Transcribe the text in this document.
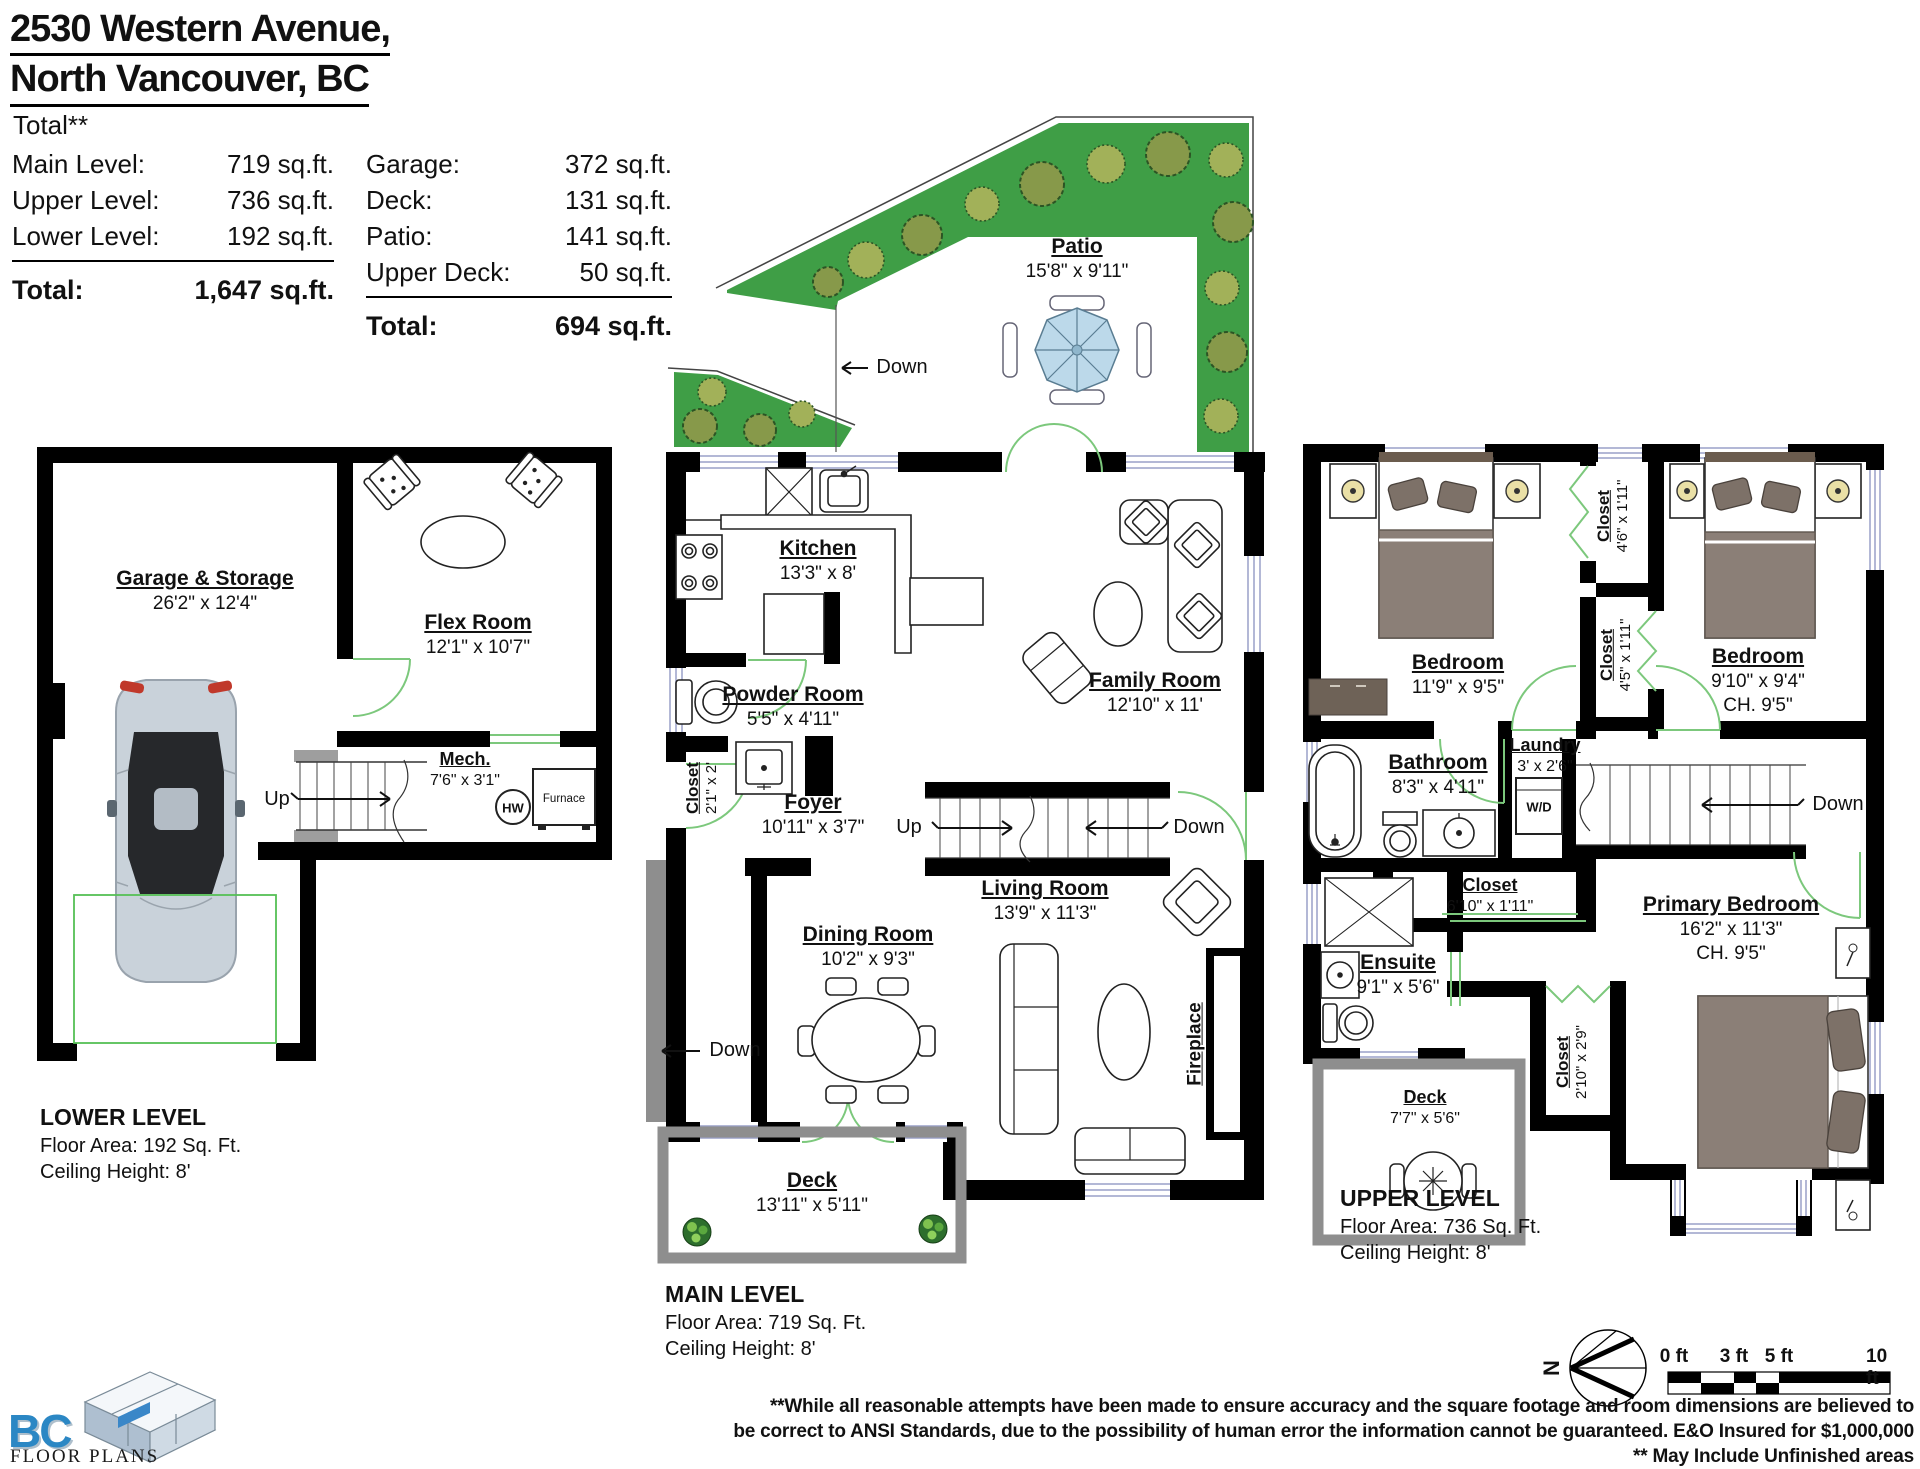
2530 Western Avenue,
North Vancouver, BC
Total**
Main Level:	719 sq.ft.
Upper Level:	736 sq.ft.
Lower Level:	192 sq.ft.
Total:	1,647 sq.ft.
Garage:	372 sq.ft.
Deck:	131 sq.ft.
Patio:	141 sq.ft.
Upper Deck:	50 sq.ft.
Total:	694 sq.ft.
Garage & Storage
26'2" x 12'4"
Flex Room
12'1" x 10'7"
Mech.
7'6" x 3'1"
Up	HW
Furnace
LOWER LEVEL
Floor Area: 192 Sq. Ft.
Ceiling Height: 8'
Patio
15'8" x 9'11"
Down
Kitchen
13'3" x 8'
Powder Room
5'5" x 4'11"
Closet 2'1" x 2'	Foyer
10'11" x 3'7" Up	Down
Family Room
12'10" x 11'
Living Room
13'9" x 11'3"
Dining Room
10'2" x 9'3"
Fireplace
Down
Deck
13'11" x 5'11"
MAIN LEVEL
Floor Area: 719 Sq. Ft.
Ceiling Height: 8'
Bedroom
11'9" x 9'5"
Closet 4'6" x 1'11"
Closet 4'5" x 1'11"	Bedroom
9'10" x 9'4"
CH. 9'5"
Bathroom
8'3" x 4'11"
Laundry
3' x 2'6"
W/D	Down
Closet
6'10" x 1'11"
Ensuite
9'1" x 5'6"
Primary Bedroom
16'2" x 11'3"
CH. 9'5"
Deck
7'7" x 5'6"
Closet 2'10" x 2'9"
UPPER LEVEL
Floor Area: 736 Sq. Ft.
Ceiling Height: 8'
N
0 ft 3 ft 5 ft	10 ft
**While all reasonable attempts have been made to ensure accuracy and the square footage and room dimensions are believed to
be correct to ANSI Standards, due to the possibility of human error the information cannot be guaranteed. E&O Insured for $1,000,000
** May Include Unfinished areas
BC
FLOOR PLANS
